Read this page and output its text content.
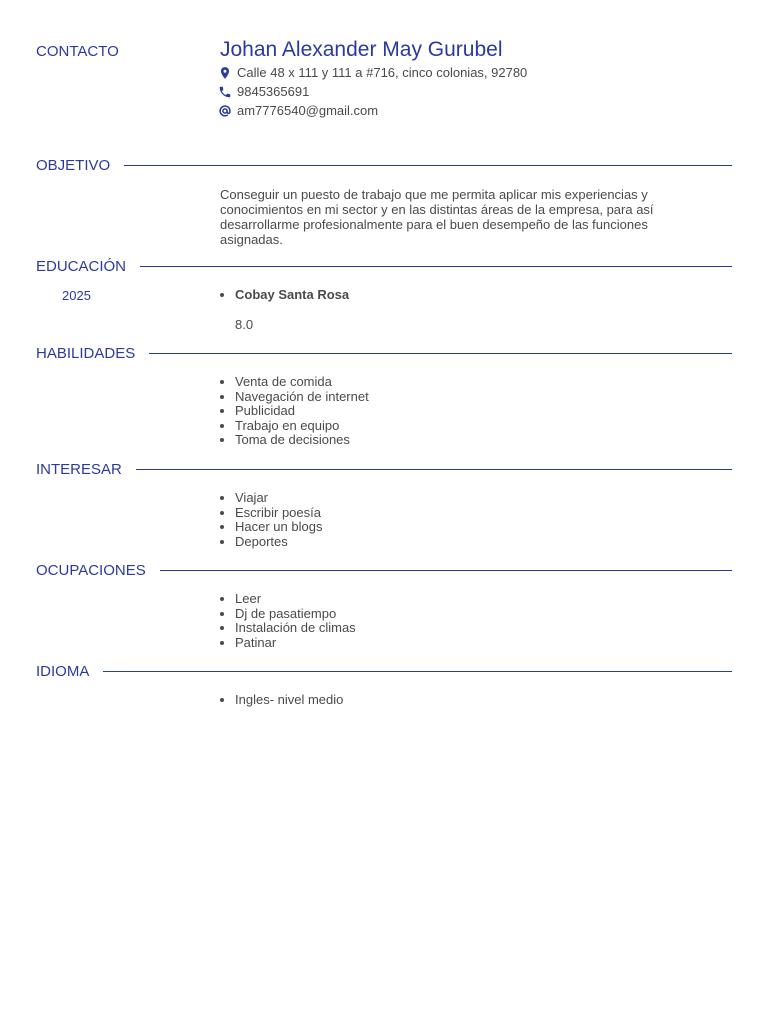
CONTACTO	Johan Alexander May Gurubel
Calle 48 x 111 y 111 a #716, cinco colonias, 92780
9845365691
am7776540@gmail.com
OBJETIVO

Conseguir un puesto de trabajo que me permita aplicar mis experiencias y conocimientos en mi sector y en las distintas áreas de la empresa, para así desarrollarme profesionalmente para el buen desempeño de las funciones asignadas.

EDUCACIÓN
2025
•	Cobay Santa Rosa
8.0
HABILIDADES
• Venta de comida
• Navegación de internet
• Publicidad
• Trabajo en equipo
• Toma de decisiones
INTERESAR
• Viajar
• Escribir poesía
• Hacer un blogs
• Deportes
OCUPACIONES
• Leer
• Dj de pasatiempo
• Instalación de climas
• Patinar
IDIOMA
• Ingles- nivel medio
